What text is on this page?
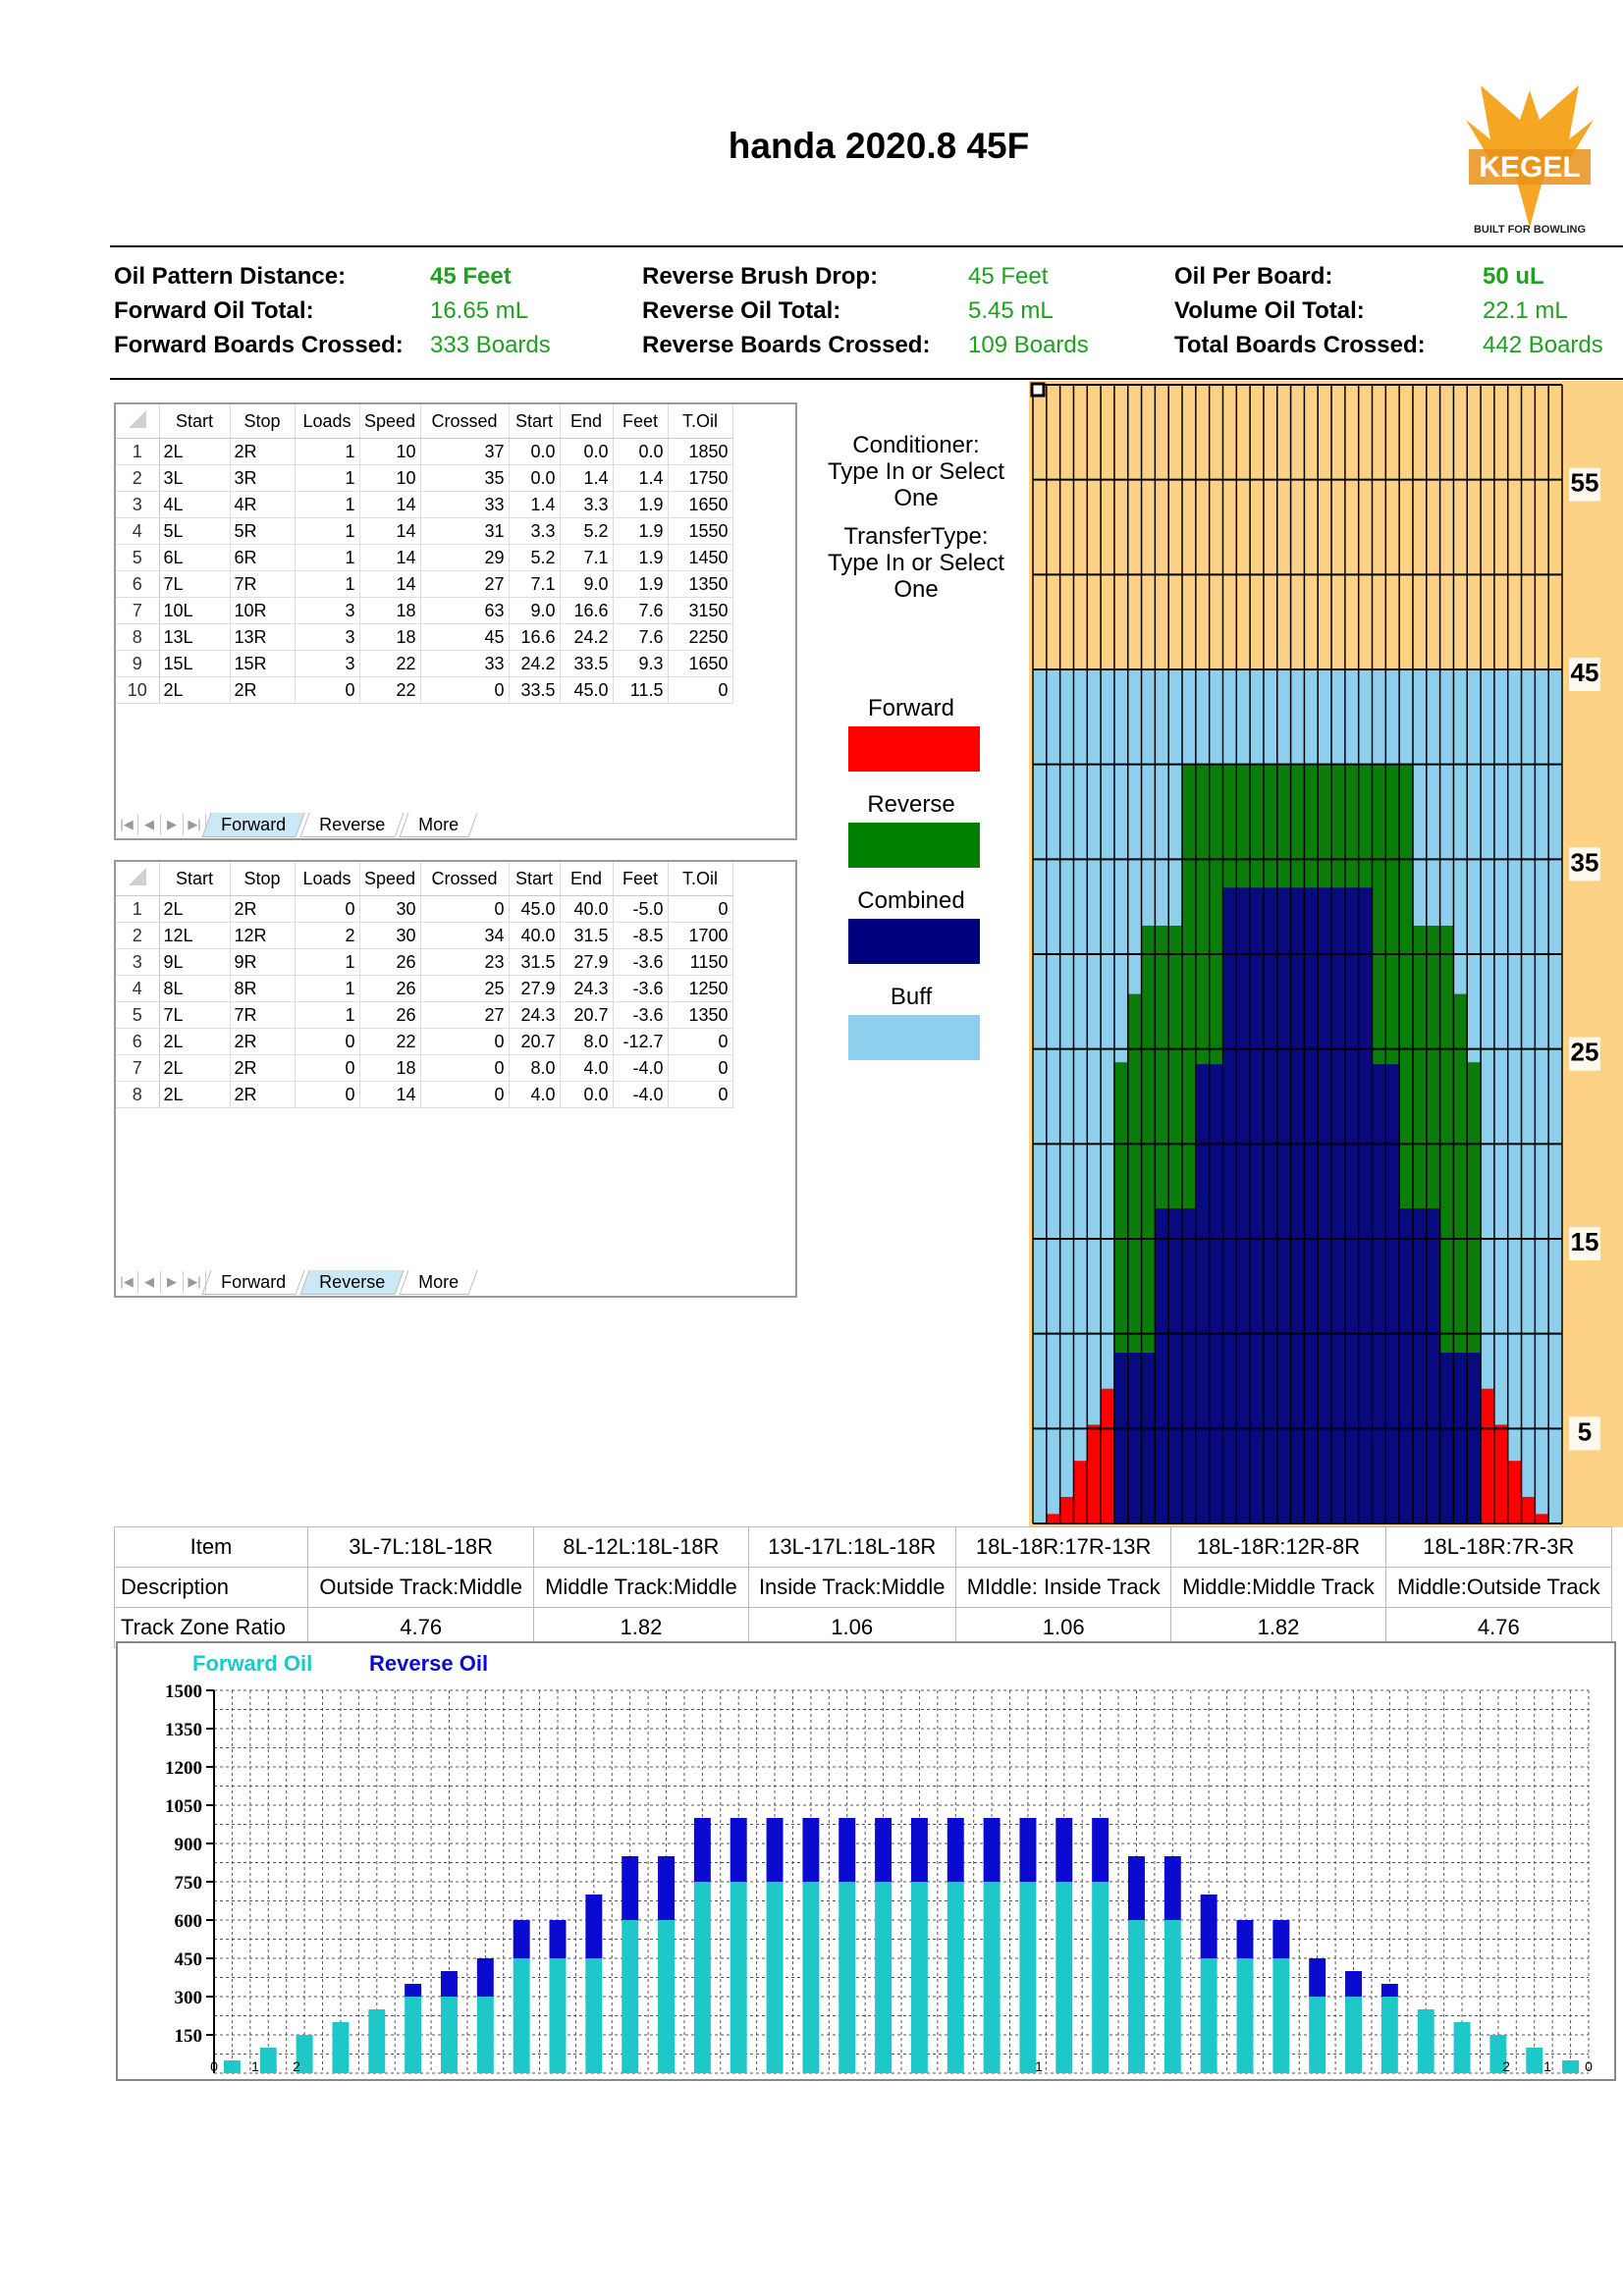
handa 2020.8 45F
KEGEL
BUILT FOR BOWLING
Oil Pattern Distance:	45 Feet	Reverse Brush Drop:	45 Feet	Oil Per Board:	50 uL
Forward Oil Total:	16.65 mL	Reverse Oil Total:	5.45 mL	Volume Oil Total:	22.1 mL
Forward Boards Crossed: 333 Boards	Reverse Boards Crossed: 109 Boards	Total Boards Crossed: 442 Boards
	Start	Stop	Loads	Speed	Crossed	Start	End	Feet	T.Oil
1	2L	2R	1	10	37	0.0	0.0	0.0	1850
2	3L	3R	1	10	35	0.0	1.4	1.4	1750
3	4L	4R	1	14	33	1.4	3.3	1.9	1650
4	5L	5R	1	14	31	3.3	5.2	1.9	1550
5	6L	6R	1	14	29	5.2	7.1	1.9	1450
6	7L	7R	1	14	27	7.1	9.0	1.9	1350
7	10L	10R	3	18	63	9.0	16.6	7.6	3150
8	13L	13R	3	18	45	16.6	24.2	7.6	2250
9	15L	15R	3	22	33	24.2	33.5	9.3	1650
10	2L	2R	0	22	0	33.5	45.0	11.5	0
|◀ ◀	▶ ▶|	Forward	Reverse	More
	Start	Stop	Loads	Speed	Crossed	Start	End	Feet	T.Oil
1	2L	2R	0	30	0	45.0	40.0	-5.0	0
2	12L	12R	2	30	34	40.0	31.5	-8.5	1700
3	9L	9R	1	26	23	31.5	27.9	-3.6	1150
4	8L	8R	1	26	25	27.9	24.3	-3.6	1250
5	7L	7R	1	26	27	24.3	20.7	-3.6	1350
6	2L	2R	0	22	0	20.7	8.0	-12.7	0
7	2L	2R	0	18	0	8.0	4.0	-4.0	0
8	2L	2R	0	14	0	4.0	0.0	-4.0	0
|◀ ◀	▶ ▶|	Forward	Reverse	More
Conditioner:
Type In or Select
One
TransferType:
Type In or Select
One
Forward
Reverse
Combined
Buff
55
45
35
25
15
5
Item	3L-7L:18L-18R	8L-12L:18L-18R	13L-17L:18L-18R	18L-18R:17R-13R	18L-18R:12R-8R	18L-18R:7R-3R
Description	Outside Track:Middle	Middle Track:Middle	Inside Track:Middle	MIddle: Inside Track	Middle:Middle Track	Middle:Outside Track
Track Zone Ratio	4.76	1.82	1.06	1.06	1.82	4.76
1500
1350
1200
1050
900
750
600
450
300
150
0 1 2	1	2 1 0
Forward Oil	Reverse Oil
